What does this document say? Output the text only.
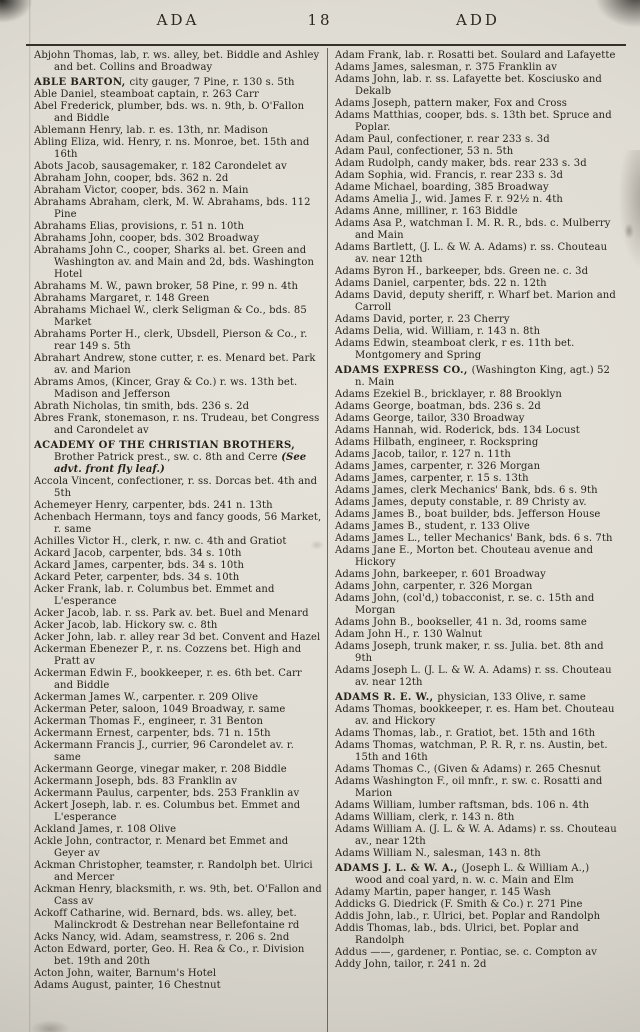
ADA	18	ADD
Abjohn Thomas, lab, r. ws. alley, bet. Biddle and Ashley and bet. Collins and Broadway
ABLE BARTON, city gauger, 7 Pine, r. 130 s. 5th
Able Daniel, steamboat captain, r. 263 Carr
Abel Frederick, plumber, bds. ws. n. 9th, b. O'Fallon and Biddle
Ablemann Henry, lab. r. es. 13th, nr. Madison
Abling Eliza, wid. Henry, r. ns. Monroe, bet. 15th and 16th
Abots Jacob, sausagemaker, r. 182 Carondelet av
Abraham John, cooper, bds. 362 n. 2d
Abraham Victor, cooper, bds. 362 n. Main
Abrahams Abraham, clerk, M. W. Abrahams, bds. 112 Pine
Abrahams Elias, provisions, r. 51 n. 10th
Abrahams John, cooper, bds. 302 Broadway
Abrahams John C., cooper, Sharks al. bet. Green and Washington av. and Main and 2d, bds. Washington Hotel
Abrahams M. W., pawn broker, 58 Pine, r. 99 n. 4th
Abrahams Margaret, r. 148 Green
Abrahams Michael W., clerk Seligman & Co., bds. 85 Market
Abrahams Porter H., clerk, Ubsdell, Pierson & Co., r. rear 149 s. 5th
Abrahart Andrew, stone cutter, r. es. Menard bet. Park av. and Marion
Abrams Amos, (Kincer, Gray & Co.) r. ws. 13th bet. Madison and Jefferson
Abrath Nicholas, tin smith, bds. 236 s. 2d
Abres Frank, stonemason, r. ns. Trudeau, bet Congress and Carondelet av
ACADEMY OF THE CHRISTIAN BROTHERS, Brother Patrick prest., sw. c. 8th and Cerre (See advt. front fly leaf.)
Accola Vincent, confectioner, r. ss. Dorcas bet. 4th and 5th
Achemeyer Henry, carpenter, bds. 241 n. 13th
Achenbach Hermann, toys and fancy goods, 56 Market, r. same
Achilles Victor H., clerk, r. nw. c. 4th and Gratiot
Ackard Jacob, carpenter, bds. 34 s. 10th
Ackard James, carpenter, bds. 34 s. 10th
Ackard Peter, carpenter, bds. 34 s. 10th
Acker Frank, lab. r. Columbus bet. Emmet and L'esperance
Acker Jacob, lab. r. ss. Park av. bet. Buel and Menard
Acker Jacob, lab. Hickory sw. c. 8th
Acker John, lab. r. alley rear 3d bet. Convent and Hazel
Ackerman Ebenezer P., r. ns. Cozzens bet. High and Pratt av
Ackerman Edwin F., bookkeeper, r. es. 6th bet. Carr and Biddle
Ackerman James W., carpenter. r. 209 Olive
Ackerman Peter, saloon, 1049 Broadway, r. same
Ackerman Thomas F., engineer, r. 31 Benton
Ackermann Ernest, carpenter, bds. 71 n. 15th
Ackermann Francis J., currier, 96 Carondelet av. r. same
Ackermann George, vinegar maker, r. 208 Biddle
Ackermann Joseph, bds. 83 Franklin av
Ackermann Paulus, carpenter, bds. 253 Franklin av
Ackert Joseph, lab. r. es. Columbus bet. Emmet and L'esperance
Ackland James, r. 108 Olive
Ackle John, contractor, r. Menard bet Emmet and Geyer av
Ackman Christopher, teamster, r. Randolph bet. Ulrici and Mercer
Ackman Henry, blacksmith, r. ws. 9th, bet. O'Fallon and Cass av
Ackoff Catharine, wid. Bernard, bds. ws. alley, bet. Malinckrodt & Destrehan near Bellefontaine rd
Acks Nancy, wid. Adam, seamstress, r. 206 s. 2nd
Acton Edward, porter, Geo. H. Rea & Co., r. Division bet. 19th and 20th
Acton John, waiter, Barnum's Hotel
Adams August, painter, 16 Chestnut
Adam Frank, lab. r. Rosatti bet. Soulard and Lafayette
Adams James, salesman, r. 375 Franklin av
Adams John, lab. r. ss. Lafayette bet. Kosciusko and Dekalb
Adams Joseph, pattern maker, Fox and Cross
Adams Matthias, cooper, bds. s. 13th bet. Spruce and Poplar.
Adam Paul, confectioner, r. rear 233 s. 3d
Adam Paul, confectioner, 53 n. 5th
Adam Rudolph, candy maker, bds. rear 233 s. 3d
Adam Sophia, wid. Francis, r. rear 233 s. 3d
Adame Michael, boarding, 385 Broadway
Adams Amelia J., wid. James F. r. 92½ n. 4th
Adams Anne, milliner, r. 163 Biddle
Adams Asa P., watchman I. M. R. R., bds. c. Mulberry and Main
Adams Bartlett, (J. L. & W. A. Adams) r. ss. Chouteau av. near 12th
Adams Byron H., barkeeper, bds. Green ne. c. 3d
Adams Daniel, carpenter, bds. 22 n. 12th
Adams David, deputy sheriff, r. Wharf bet. Marion and Carroll
Adams David, porter, r. 23 Cherry
Adams Delia, wid. William, r. 143 n. 8th
Adams Edwin, steamboat clerk, r es. 11th bet. Montgomery and Spring
ADAMS EXPRESS CO., (Washington King, agt.) 52 n. Main
Adams Ezekiel B., bricklayer, r. 88 Brooklyn
Adams George, boatman, bds. 236 s. 2d
Adams George, tailor, 330 Broadway
Adams Hannah, wid. Roderick, bds. 134 Locust
Adams Hilbath, engineer, r. Rockspring
Adams Jacob, tailor, r. 127 n. 11th
Adams James, carpenter, r. 326 Morgan
Adams James, carpenter, r. 15 s. 13th
Adams James, clerk Mechanics' Bank, bds. 6 s. 9th
Adams James, deputy constable, r. 89 Christy av.
Adams James B., boat builder, bds. Jefferson House
Adams James B., student, r. 133 Olive
Adams James L., teller Mechanics' Bank, bds. 6 s. 7th
Adams Jane E., Morton bet. Chouteau avenue and Hickory
Adams John, barkeeper, r. 601 Broadway
Adams John, carpenter, r. 326 Morgan
Adams John, (col'd,) tobacconist, r. se. c. 15th and Morgan
Adams John B., bookseller, 41 n. 3d, rooms same
Adam John H., r. 130 Walnut
Adams Joseph, trunk maker, r. ss. Julia. bet. 8th and 9th
Adams Joseph L. (J. L. & W. A. Adams) r. ss. Chouteau av. near 12th
ADAMS R. E. W., physician, 133 Olive, r. same
Adams Thomas, bookkeeper, r. es. Ham bet. Chouteau av. and Hickory
Adams Thomas, lab., r. Gratiot, bet. 15th and 16th
Adams Thomas, watchman, P. R. R, r. ns. Austin, bet. 15th and 16th
Adams Thomas C., (Given & Adams) r. 265 Chesnut
Adams Washington F., oil mnfr., r. sw. c. Rosatti and Marion
Adams William, lumber raftsman, bds. 106 n. 4th
Adams William, clerk, r. 143 n. 8th
Adams William A. (J. L. & W. A. Adams) r. ss. Chouteau av., near 12th
Adams William N., salesman, 143 n. 8th
ADAMS J. L. & W. A., (Joseph L. & William A.,) wood and coal yard, n. w. c. Main and Elm
Adamy Martin, paper hanger, r. 145 Wash
Addicks G. Diedrick (F. Smith & Co.) r. 271 Pine
Addis John, lab., r. Ulrici, bet. Poplar and Randolph
Addis Thomas, lab., bds. Ulrici, bet. Poplar and Randolph
Addus ——, gardener, r. Pontiac, se. c. Compton av
Addy John, tailor, r. 241 n. 2d
